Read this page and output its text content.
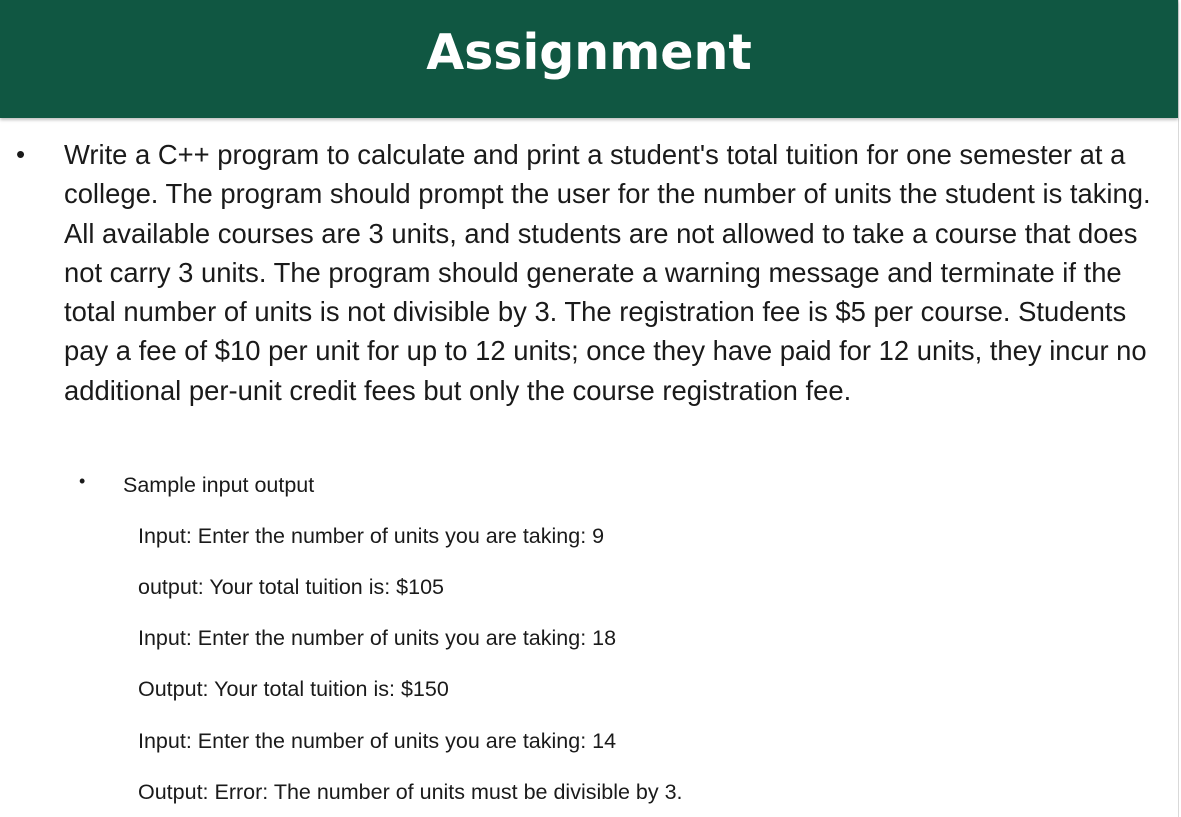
Assignment
• Write a C++ program to calculate and print a student's total tuition for one semester at a college. The program should prompt the user for the number of units the student is taking. All available courses are 3 units, and students are not allowed to take a course that does not carry 3 units. The program should generate a warning message and terminate if the total number of units is not divisible by 3. The registration fee is $5 per course. Students pay a fee of $10 per unit for up to 12 units; once they have paid for 12 units, they incur no additional per-unit credit fees but only the course registration fee.
• Sample input output
Input: Enter the number of units you are taking: 9
output: Your total tuition is: $105
Input: Enter the number of units you are taking: 18
Output: Your total tuition is: $150
Input: Enter the number of units you are taking: 14
Output: Error: The number of units must be divisible by 3.
